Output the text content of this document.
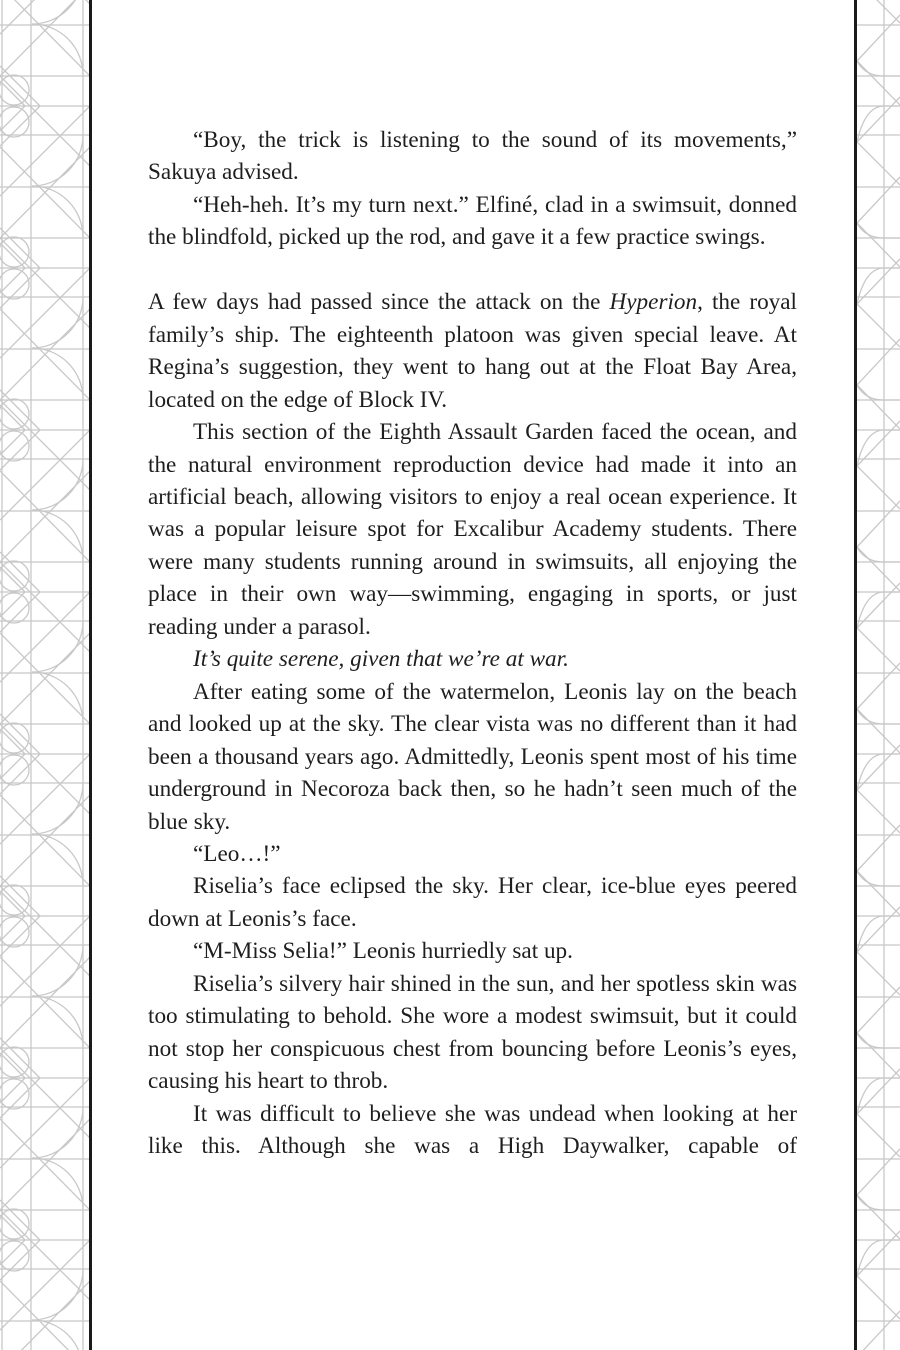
“Boy, the trick is listening to the sound of its movements,” Sakuya advised.

“Heh-heh. It’s my turn next.” Elfiné, clad in a swimsuit, donned the blindfold, picked up the rod, and gave it a few practice swings.

A few days had passed since the attack on the Hyperion, the royal family’s ship. The eighteenth platoon was given special leave. At Regina’s suggestion, they went to hang out at the Float Bay Area, located on the edge of Block IV.

This section of the Eighth Assault Garden faced the ocean, and the natural environment reproduction device had made it into an artificial beach, allowing visitors to enjoy a real ocean experience. It was a popular leisure spot for Excalibur Academy students. There were many students running around in swimsuits, all enjoying the place in their own way—swimming, engaging in sports, or just reading under a parasol.

It’s quite serene, given that we’re at war.

After eating some of the watermelon, Leonis lay on the beach and looked up at the sky. The clear vista was no different than it had been a thousand years ago. Admittedly, Leonis spent most of his time underground in Necoroza back then, so he hadn’t seen much of the blue sky.

“Leo…!”

Riselia’s face eclipsed the sky. Her clear, ice-blue eyes peered down at Leonis’s face.

“M-Miss Selia!” Leonis hurriedly sat up.

Riselia’s silvery hair shined in the sun, and her spotless skin was too stimulating to behold. She wore a modest swimsuit, but it could not stop her conspicuous chest from bouncing before Leonis’s eyes, causing his heart to throb.

It was difficult to believe she was undead when looking at her like this. Although she was a High Daywalker, capable of
